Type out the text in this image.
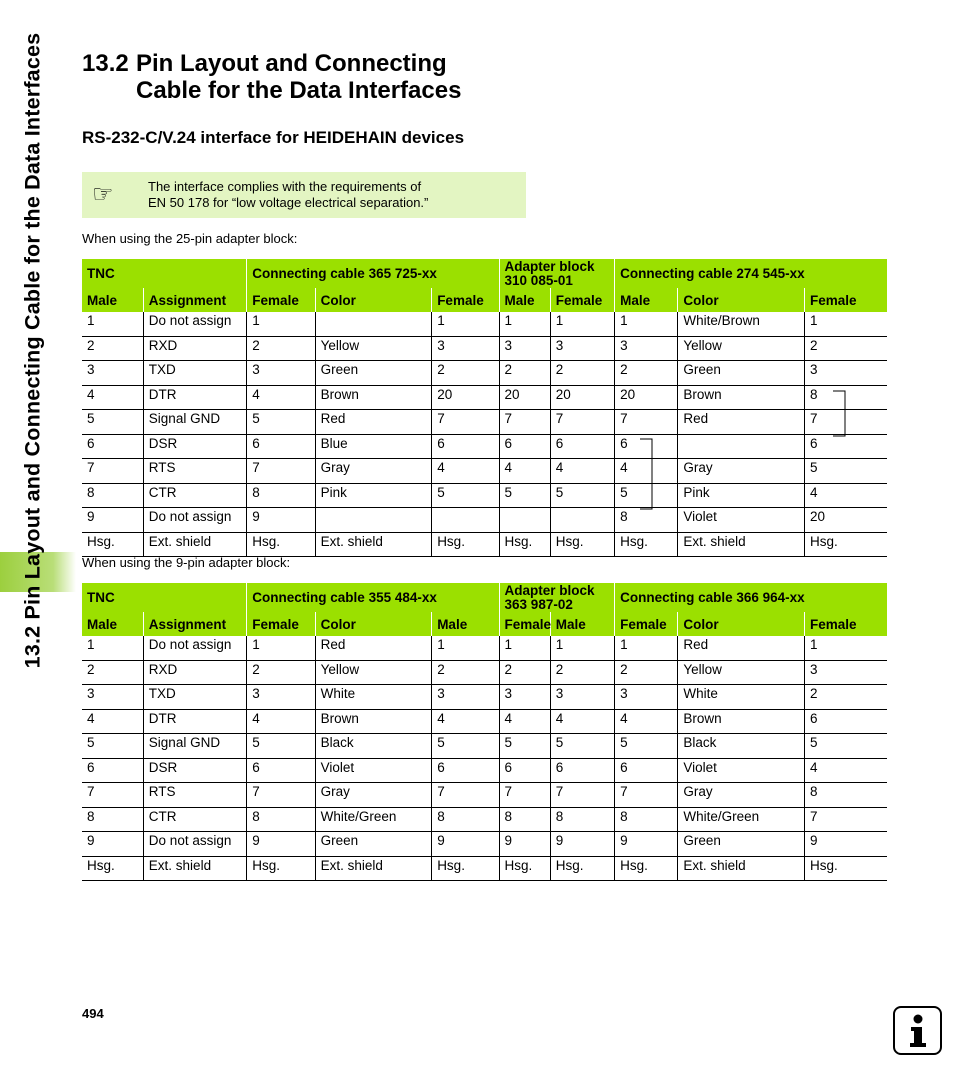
13.2 Pin Layout and Connecting Cable for the Data Interfaces 13.2 Pin Layout and Connecting
Cable for the Data Interfaces
RS-232-C/V.24 interface for HEIDEHAIN devices
☞	The interface complies with the requirements of
EN 50 178 for “low voltage electrical separation.”
When using the 25-pin adapter block:
TNC		Connecting cable 365 725-xx			Adapter block
310 085-01		Connecting cable 274 545-xx		
Male	Assignment	Female	Color	Female	Male	Female	Male	Color	Female
1	Do not assign	1		1	1	1	1	White/Brown	1
2	RXD	2	Yellow	3	3	3	3	Yellow	2
3	TXD	3	Green	2	2	2	2	Green	3
4	DTR	4	Brown	20	20	20	20	Brown	8
5	Signal GND	5	Red	7	7	7	7	Red	7
6	DSR	6	Blue	6	6	6	6		6
7	RTS	7	Gray	4	4	4	4	Gray	5
8	CTR	8	Pink	5	5	5	5	Pink	4
9	Do not assign	9					8	Violet	20
Hsg.	Ext. shield	Hsg.	Ext. shield	Hsg.	Hsg.	Hsg.	Hsg.	Ext. shield	Hsg.
When using the 9-pin adapter block:
TNC		Connecting cable 355 484-xx			Adapter block
363 987-02		Connecting cable 366 964-xx		
Male	Assignment	Female	Color	Male	Female	Male	Female	Color	Female
1	Do not assign	1	Red	1	1	1	1	Red	1
2	RXD	2	Yellow	2	2	2	2	Yellow	3
3	TXD	3	White	3	3	3	3	White	2
4	DTR	4	Brown	4	4	4	4	Brown	6
5	Signal GND	5	Black	5	5	5	5	Black	5
6	DSR	6	Violet	6	6	6	6	Violet	4
7	RTS	7	Gray	7	7	7	7	Gray	8
8	CTR	8	White/Green	8	8	8	8	White/Green	7
9	Do not assign	9	Green	9	9	9	9	Green	9
Hsg.	Ext. shield	Hsg.	Ext. shield	Hsg.	Hsg.	Hsg.	Hsg.	Ext. shield	Hsg.
494
